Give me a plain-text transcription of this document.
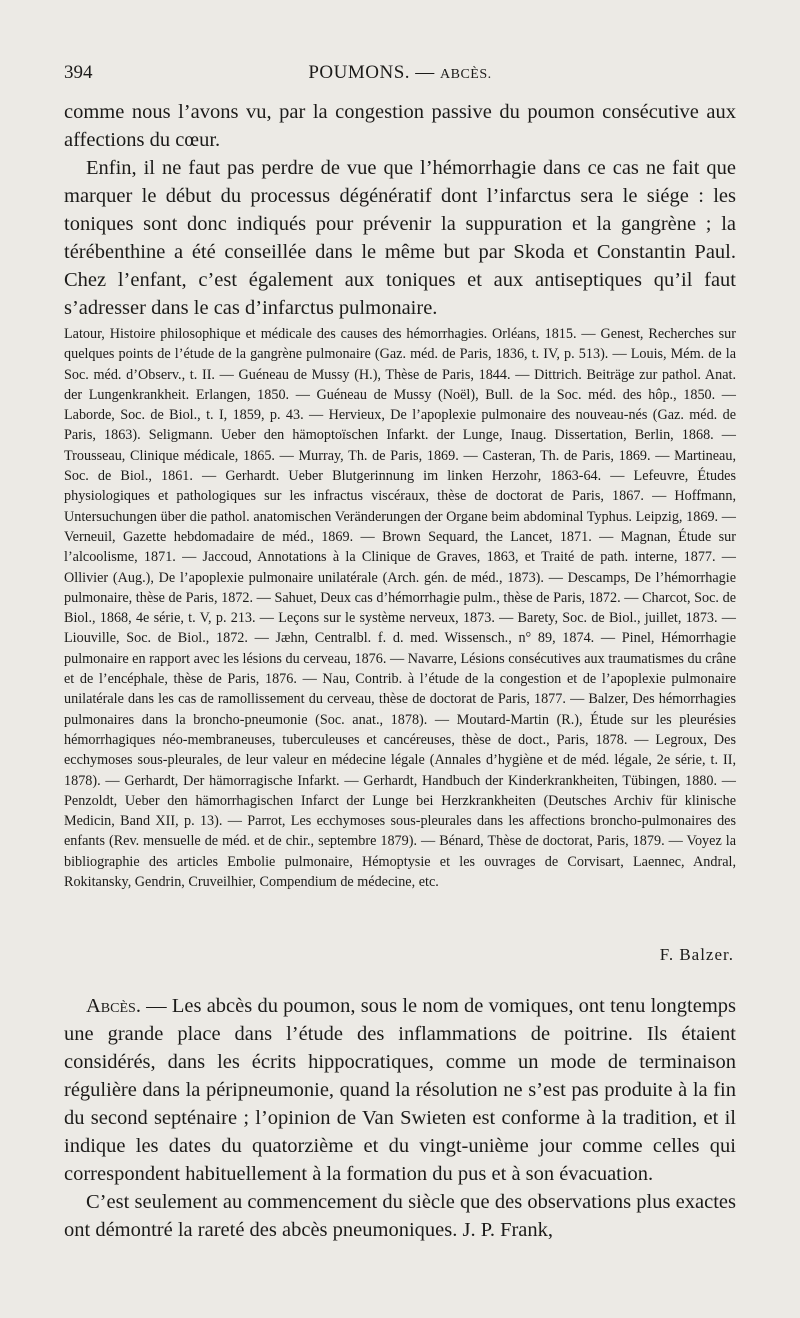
394	POUMONS. — ABCÈS.

comme nous l’avons vu, par la congestion passive du poumon consécutive aux affections du cœur.

Enfin, il ne faut pas perdre de vue que l’hémorrhagie dans ce cas ne fait que marquer le début du processus dégénératif dont l’infarctus sera le siége : les toniques sont donc indiqués pour prévenir la suppuration et la gangrène ; la térébenthine a été conseillée dans le même but par Skoda et Constantin Paul. Chez l’enfant, c’est également aux toniques et aux antiseptiques qu’il faut s’adresser dans le cas d’infarctus pulmonaire.

Latour, Histoire philosophique et médicale des causes des hémorrhagies. Orléans, 1815. — Genest, Recherches sur quelques points de l’étude de la gangrène pulmonaire (Gaz. méd. de Paris, 1836, t. IV, p. 513). — Louis, Mém. de la Soc. méd. d’Observ., t. II. — Guéneau de Mussy (H.), Thèse de Paris, 1844. — Dittrich. Beiträge zur pathol. Anat. der Lungenkrankheit. Erlangen, 1850. — Guéneau de Mussy (Noël), Bull. de la Soc. méd. des hôp., 1850. — Laborde, Soc. de Biol., t. I, 1859, p. 43. — Hervieux, De l’apoplexie pulmonaire des nouveau-nés (Gaz. méd. de Paris, 1863). Seligmann. Ueber den hämoptoïschen Infarkt. der Lunge, Inaug. Dissertation, Berlin, 1868. — Trousseau, Clinique médicale, 1865. — Murray, Th. de Paris, 1869. — Casteran, Th. de Paris, 1869. — Martineau, Soc. de Biol., 1861. — Gerhardt. Ueber Blutgerinnung im linken Herzohr, 1863-64. — Lefeuvre, Études physiologiques et pathologiques sur les infractus viscéraux, thèse de doctorat de Paris, 1867. — Hoffmann, Untersuchungen über die pathol. anatomischen Veränderungen der Organe beim abdominal Typhus. Leipzig, 1869. — Verneuil, Gazette hebdomadaire de méd., 1869. — Brown Sequard, the Lancet, 1871. — Magnan, Étude sur l’alcoolisme, 1871. — Jaccoud, Annotations à la Clinique de Graves, 1863, et Traité de path. interne, 1877. — Ollivier (Aug.), De l’apoplexie pulmonaire unilatérale (Arch. gén. de méd., 1873). — Descamps, De l’hémorrhagie pulmonaire, thèse de Paris, 1872. — Sahuet, Deux cas d’hémorrhagie pulm., thèse de Paris, 1872. — Charcot, Soc. de Biol., 1868, 4e série, t. V, p. 213. — Leçons sur le système nerveux, 1873. — Barety, Soc. de Biol., juillet, 1873. — Liouville, Soc. de Biol., 1872. — Jæhn, Centralbl. f. d. med. Wissensch., n° 89, 1874. — Pinel, Hémorrhagie pulmonaire en rapport avec les lésions du cerveau, 1876. — Navarre, Lésions consécutives aux traumatismes du crâne et de l’encéphale, thèse de Paris, 1876. — Nau, Contrib. à l’étude de la congestion et de l’apoplexie pulmonaire unilatérale dans les cas de ramollissement du cerveau, thèse de doctorat de Paris, 1877. — Balzer, Des hémorrhagies pulmonaires dans la broncho-pneumonie (Soc. anat., 1878). — Moutard-Martin (R.), Étude sur les pleurésies hémorrhagiques néo-membraneuses, tuberculeuses et cancéreuses, thèse de doct., Paris, 1878. — Legroux, Des ecchymoses sous-pleurales, de leur valeur en médecine légale (Annales d’hygiène et de méd. légale, 2e série, t. II, 1878). — Gerhardt, Der hämorragische Infarkt. — Gerhardt, Handbuch der Kinderkrankheiten, Tübingen, 1880. — Penzoldt, Ueber den hämorrhagischen Infarct der Lunge bei Herzkrankheiten (Deutsches Archiv für klinische Medicin, Band XII, p. 13). — Parrot, Les ecchymoses sous-pleurales dans les affections broncho-pulmonaires des enfants (Rev. mensuelle de méd. et de chir., septembre 1879). — Bénard, Thèse de doctorat, Paris, 1879. — Voyez la bibliographie des articles Embolie pulmonaire, Hémoptysie et les ouvrages de Corvisart, Laennec, Andral, Rokitansky, Gendrin, Cruveilhier, Compendium de médecine, etc.
F. Balzer.

Abcès. — Les abcès du poumon, sous le nom de vomiques, ont tenu longtemps une grande place dans l’étude des inflammations de poitrine. Ils étaient considérés, dans les écrits hippocratiques, comme un mode de terminaison régulière dans la péripneumonie, quand la résolution ne s’est pas produite à la fin du second septénaire ; l’opinion de Van Swieten est conforme à la tradition, et il indique les dates du quatorzième et du vingt-unième jour comme celles qui correspondent habituellement à la formation du pus et à son évacuation.

C’est seulement au commencement du siècle que des observations plus exactes ont démontré la rareté des abcès pneumoniques. J. P. Frank,
